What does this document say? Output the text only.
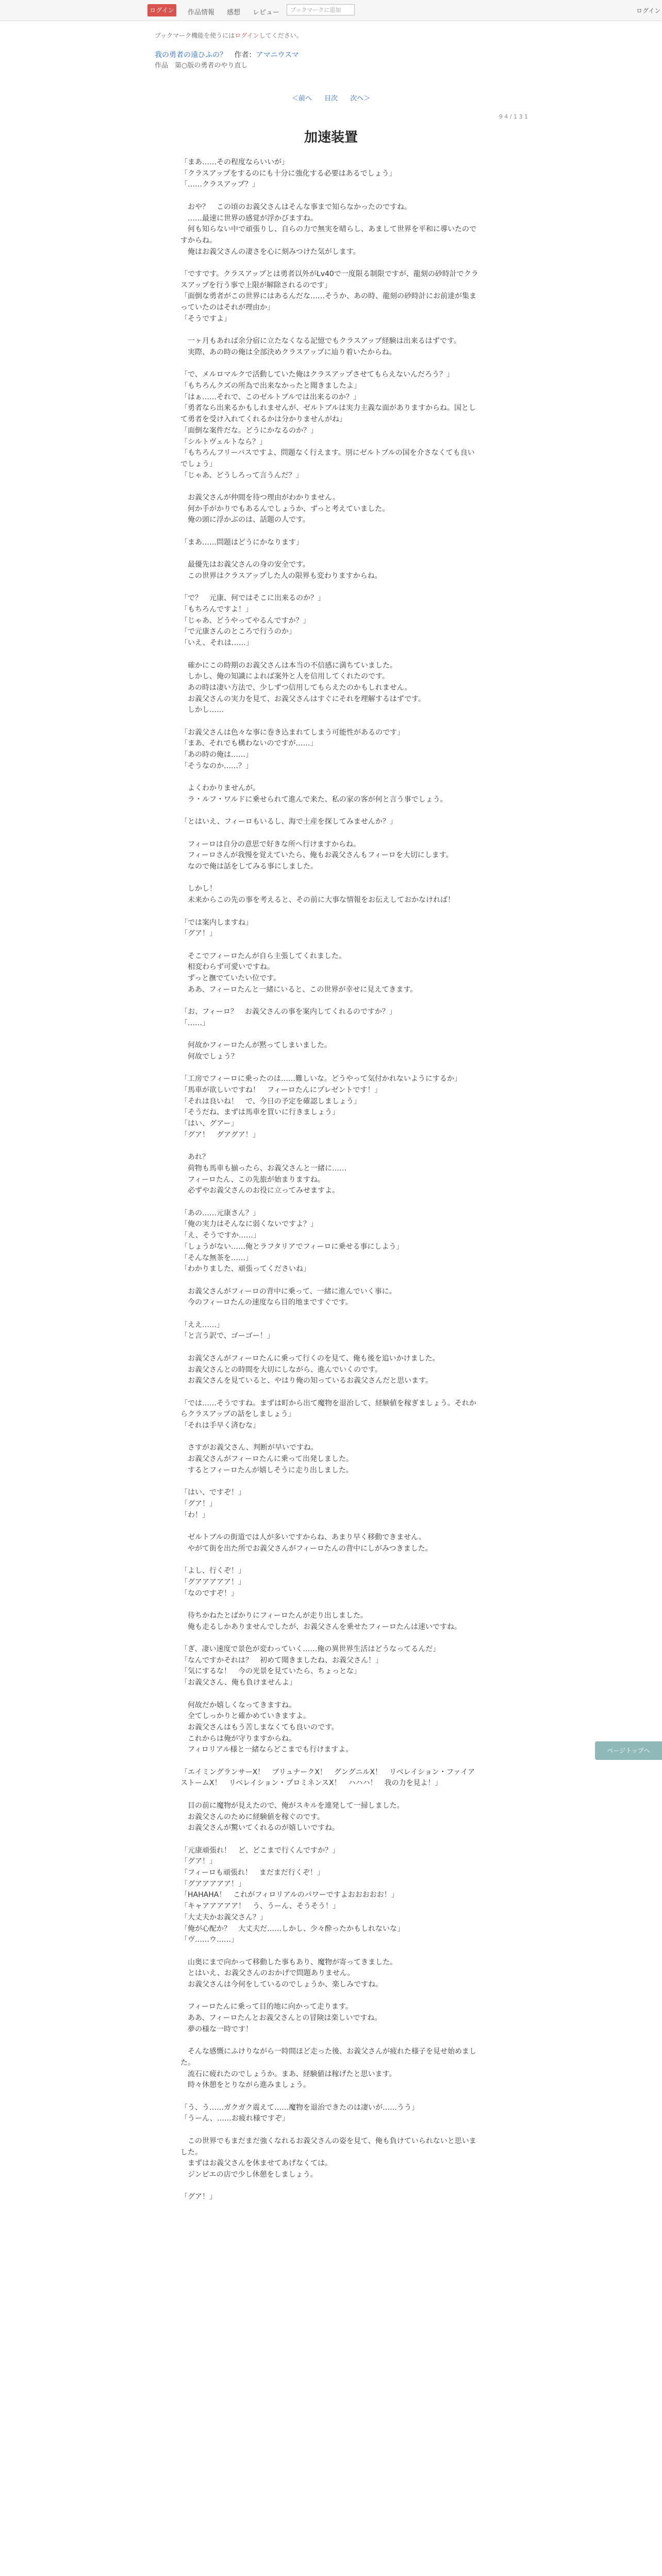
ログイン	作品情報 感想 レビュー	ブックマークに追加	ログイン
ブックマーク機能を使うにはログインしてください。
我の勇者の遠ひふの？ 作者：アマニウスマ
作品　第○版の勇者のやり直し
＜前へ 目次 次へ＞
9 4 / 1 3 1
加速装置

「まあ……その程度ならいいが」

「クラスアップをするのにも十分に強化する必要はあるでしょう」

「……クラスアップ？」

　おや？　この頃のお義父さんはそんな事まで知らなかったのですね。

　……最速に世界の感覚が浮かびますね。

　何も知らない中で頑張りし、自らの力で無実を晴らし、あまして世界を平和に導いたのですからね。

　俺はお義父さんの凄さを心に刻みつけた気がします。

「ですです。クラスアップとは勇者以外がLv40で一度限る制限ですが、龍刻の砂時計でクラスアップを行う事で上限が解除されるのです」

「面倒な勇者がこの世界にはあるんだな……そうか、あの時、龍刻の砂時計にお前達が集まっていたのはそれが理由か」

「そうですよ」

　一ヶ月もあれば余分宿に立たなくなる記憶でもクラスアップ経験は出来るはずです。

　実際、あの時の俺は全部決めクラスアップに辿り着いたからね。

「で、メルロマルクで活動していた俺はクラスアップさせてもらえないんだろう？」

「もちろんクズの所為で出来なかったと聞きましたよ」

「はぁ……それで、このゼルトブルでは出来るのか？」

「勇者なら出来るかもしれませんが、ゼルトブルは実力主義な面がありますからね。国として勇者を受け入れてくれるかは分かりませんがね」

「面倒な案件だな。どうにかなるのか？」

「シルトヴェルトなら？」

「もちろんフリーバスですよ、問題なく行えます。別にゼルトブルの国を介さなくても良いでしょう」

「じゃあ、どうしろって言うんだ？」

　お義父さんが仲間を待つ理由がわかりません。

　何か手がかりでもあるんでしょうか、ずっと考えていました。

　俺の頭に浮かぶのは、話題の人です。

「まあ……問題はどうにかなります」

　最優先はお義父さんの身の安全です。

　この世界はクラスアップした人の限界も変わりますからね。

「で？　元康、何ではそこに出来るのか？」

「もちろんですよ！」

「じゃあ、どうやってやるんですか？」

「で元康さんのところで行うのか」

「いえ、それは……」

　確かにこの時期のお義父さんは本当の不信感に満ちていました。

　しかし、俺の知識によれば案外と人を信用してくれたのです。

　あの時は凄い方法で、少しずつ信用してもらえたのかもしれません。

　お義父さんの実力を見て、お義父さんはすぐにそれを理解するはずです。

　しかし……

「お義父さんは色々な事に巻き込まれてしまう可能性があるのです」

「まあ、それでも構わないのですが……」

「あの時の俺は……」

「そうなのか……？」

　よくわかりませんが。

　ラ・ルフ・ワルドに乗せられて進んで来た、私の家の客が何と言う事でしょう。

「とはいえ、フィーロもいるし、海で土産を探してみませんか？」

　フィーロは自分の意思で好きな所へ行けますからね。

　フィーロさんが我慢を覚えていたら、俺もお義父さんもフィーロを大切にします。

　なので俺は話をしてみる事にしました。

　しかし！

　未来からこの先の事を考えると、その前に大事な情報をお伝えしておかなければ！

「では案内しますね」

「グア！」

　そこでフィーロたんが自ら主張してくれました。

　相変わらず可愛いですね。

　ずっと撫でていたい位です。

　ああ、フィーロたんと一緒にいると、この世界が幸せに見えてきます。

「お、フィーロ？　お義父さんの事を案内してくれるのですか？」

「……」

　何故かフィーロたんが黙ってしまいました。

　何故でしょう？

「工房でフィーロに乗ったのは……難しいな。どうやって気付かれないようにするか」

「馬車が欲しいですね！　フィーロたんにプレゼントです！」

「それは良いね！　で、今日の予定を確認しましょう」

「そうだね、まずは馬車を買いに行きましょう」

「はい、グアー」

「グア！　グアグア！」

　あれ？

　荷物も馬車も揃ったら、お義父さんと一緒に……

　フィーロたん、この先旅が始まりますね。

　必ずやお義父さんのお役に立ってみせますよ。

「あの……元康さん？」

「俺の実力はそんなに弱くないですよ？」

「え、そうですか……」

「しょうがない……俺とラフタリアでフィーロに乗せる事にしよう」

「そんな無茶を……」

「わかりました、頑張ってくださいね」

　お義父さんがフィーロの背中に乗って、一緒に進んでいく事に。

　今のフィーロたんの速度なら目的地まですぐです。

「ええ……」

「と言う訳で、ゴーゴー！」

　お義父さんがフィーロたんに乗って行くのを見て、俺も後を追いかけました。

　お義父さんとの時間を大切にしながら、進んでいくのです。

　お義父さんを見ていると、やはり俺の知っているお義父さんだと思います。

「では……そうですね。まずは町から出て魔物を退治して、経験値を稼ぎましょう。それからクラスアップの話をしましょう」

「それは手早く済むな」

　さすがお義父さん、判断が早いですね。

　お義父さんがフィーロたんに乗って出発しました。

　するとフィーロたんが嬉しそうに走り出しました。

「はい、ですぞ！」

「グア！」

「わ！」

　ゼルトブルの街道では人が多いですからね、あまり早く移動できません。

　やがて街を出た所でお義父さんがフィーロたんの背中にしがみつきました。

「よし、行くぞ！」

「グアアアアア！」

「なのですぞ！」

　待ちかねたとばかりにフィーロたんが走り出しました。

　俺も走るしかありませんでしたが、お義父さんを乗せたフィーロたんは速いですね。

「ぎ、凄い速度で景色が変わっていく……俺の異世界生活はどうなってるんだ」

「なんですかそれは？　初めて聞きましたね、お義父さん！」

「気にするな！　今の光景を見ていたら、ちょっとな」

「お義父さん、俺も負けませんよ」

　何故だか嬉しくなってきますね。

　全てしっかりと確かめていきますよ。

　お義父さんはもう苦しまなくても良いのです。

　これからは俺が守りますからね。

　フィロリアル様と一緒ならどこまでも行けますよ。

「エイミングランサーX！　ブリュナークX！　グングニルX！　リベレイション・ファイアストームX！　リベレイション・プロミネンスX！　ハハハ！　我の力を見よ！」

　目の前に魔物が見えたので、俺がスキルを連発して一掃しました。

　お義父さんのために経験値を稼ぐのです。

　お義父さんが驚いてくれるのが嬉しいですね。

「元康頑張れ！　ど、どこまで行くんですか？」

「グア！」

「フィーロも頑張れ！　まだまだ行くぞ！」

「グアアアアア！」

「HAHAHA！　これがフィロリアルのパワーですよおおおおお！」

「キャアアアアア！　う、うーん、そうそう！」

「大丈夫かお義父さん？」

「俺が心配か？　大丈夫だ……しかし、少々酔ったかもしれないな」

「ヴ……ウ……」

　山奥にまで向かって移動した事もあり、魔物が寄ってきました。

　とはいえ、お義父さんのおかげで問題ありません。

　お義父さんは今何をしているのでしょうか、楽しみですね。

　フィーロたんに乗って目的地に向かって走ります。

　ああ、フィーロたんとお義父さんとの冒険は楽しいですね。

　夢の様な一時です！

　そんな感慨にふけりながら一時間ほど走った後、お義父さんが疲れた様子を見せ始めました。

　流石に疲れたのでしょうか。まあ、経験値は稼げたと思います。

　時々休憩をとりながら進みましょう。

「う、う……ガクガク震えて……魔物を退治できたのは凄いが……うう」

「うーん、……お疲れ様ですぞ」

　この世界でもまだまだ強くなれるお義父さんの姿を見て、俺も負けていられないと思いました。

　まずはお義父さんを休ませてあげなくては。

　ジンピエの店で少し休憩をしましょう。

「グア！」

ページトップへ
